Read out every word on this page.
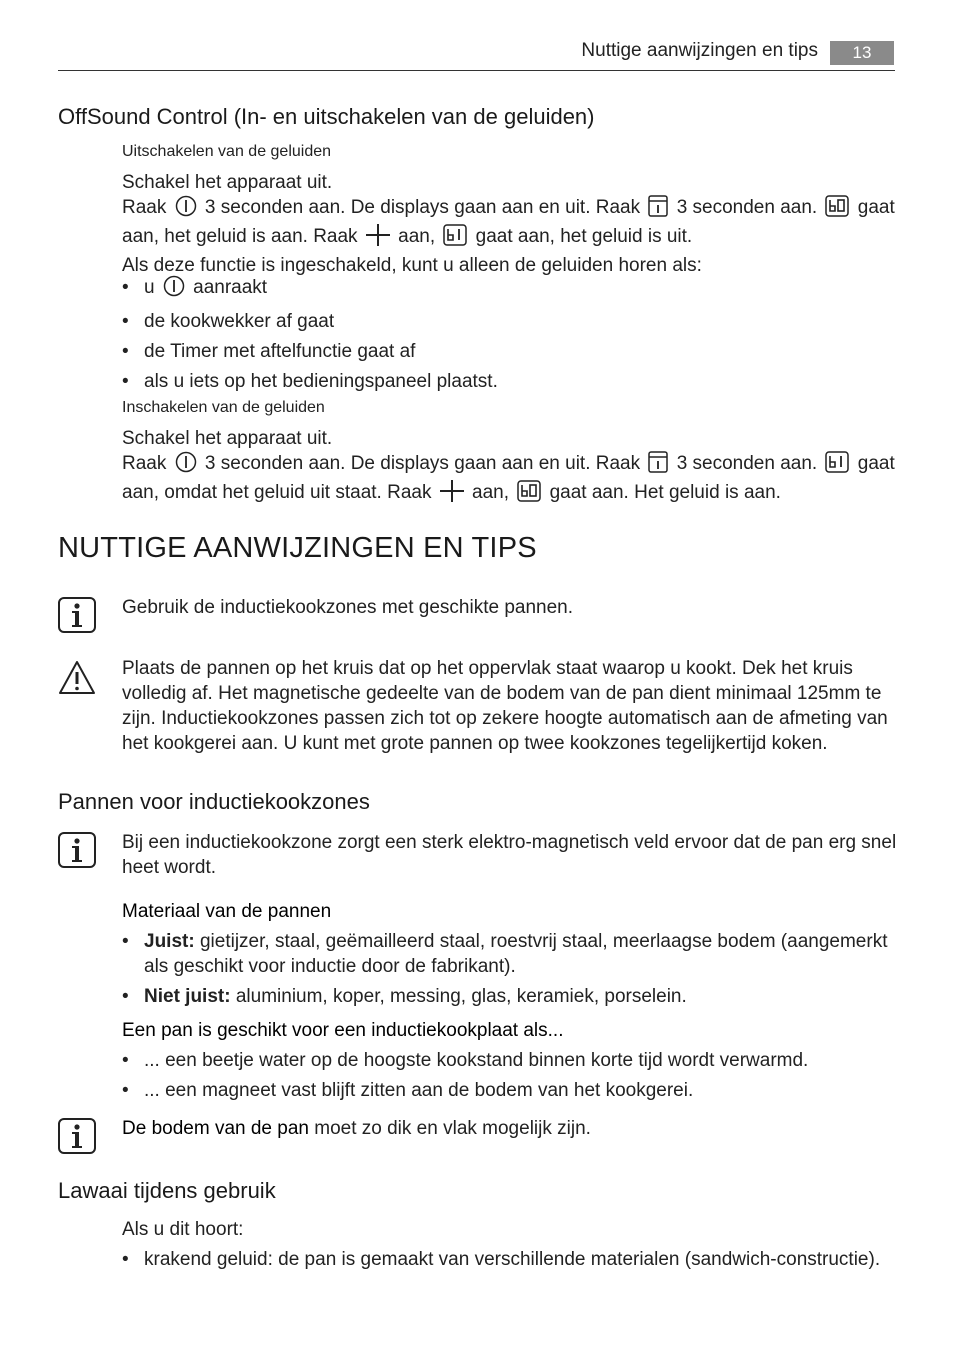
Nuttige aanwijzingen en tips	13
OffSound Control (In- en uitschakelen van de geluiden)
Uitschakelen van de geluiden
Schakel het apparaat uit.
Raak 3 seconden aan. De displays gaan aan en uit. Raak 3 seconden aan. gaat
aan, het geluid is aan. Raak aan, gaat aan, het geluid is uit.
Als deze functie is ingeschakeld, kunt u alleen de geluiden horen als:
• u aanraakt
• de kookwekker af gaat
• de Timer met aftelfunctie gaat af
• als u iets op het bedieningspaneel plaatst.
Inschakelen van de geluiden
Schakel het apparaat uit.
Raak 3 seconden aan. De displays gaan aan en uit. Raak 3 seconden aan. gaat
aan, omdat het geluid uit staat. Raak aan, gaat aan. Het geluid is aan.
NUTTIGE AANWIJZINGEN EN TIPS
Gebruik de inductiekookzones met geschikte pannen.
Plaats de pannen op het kruis dat op het oppervlak staat waarop u kookt. Dek het kruis volledig af. Het magnetische gedeelte van de bodem van de pan dient minimaal 125mm te zijn. Inductiekookzones passen zich tot op zekere hoogte automatisch aan de afmeting van het kookgerei aan. U kunt met grote pannen op twee kookzones tegelijkertijd koken.
Pannen voor inductiekookzones
Bij een inductiekookzone zorgt een sterk elektro-magnetisch veld ervoor dat de pan erg snel heet wordt.
Materiaal van de pannen
• Juist: gietijzer, staal, geëmailleerd staal, roestvrij staal, meerlaagse bodem (aangemerkt als geschikt voor inductie door de fabrikant).
• Niet juist: aluminium, koper, messing, glas, keramiek, porselein.
Een pan is geschikt voor een inductiekookplaat als...
• ... een beetje water op de hoogste kookstand binnen korte tijd wordt verwarmd.
• ... een magneet vast blijft zitten aan de bodem van het kookgerei.
De bodem van de pan moet zo dik en vlak mogelijk zijn.
Lawaai tijdens gebruik
Als u dit hoort:
• krakend geluid: de pan is gemaakt van verschillende materialen (sandwich-constructie).
